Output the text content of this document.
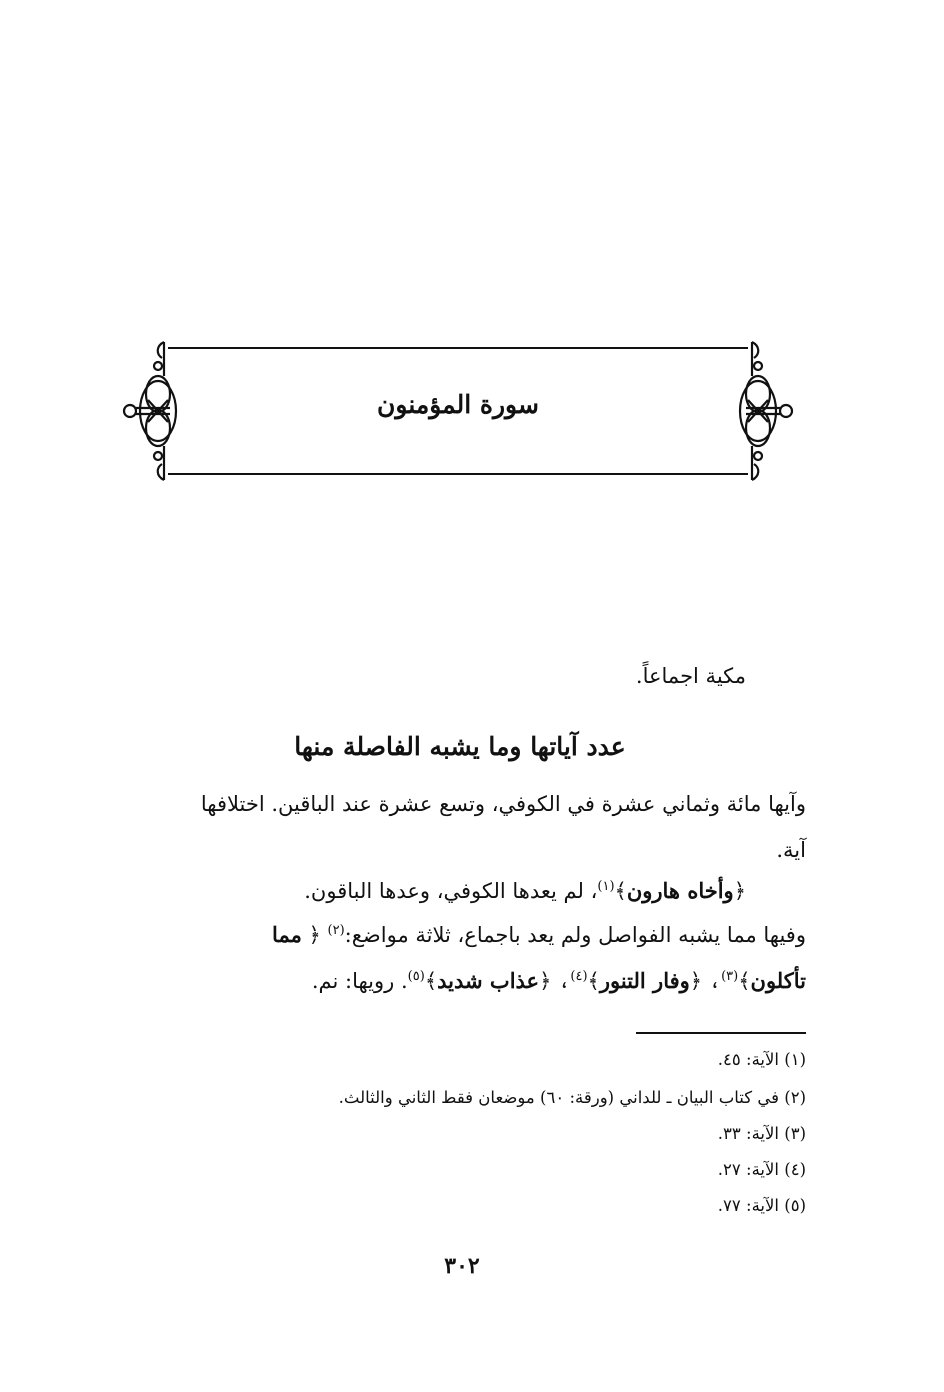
سورة المؤمنون
مكية اجماعاً.
عدد آياتها وما يشبه الفاصلة منها
وآيها مائة وثماني عشرة في الكوفي، وتسع عشرة عند الباقين. اختلافها
آية.
﴿وأخاه هارون﴾$^{(١)}$، لم يعدها الكوفي، وعدها الباقون.
وفيها مما يشبه الفواصل ولم يعد باجماع، ثلاثة مواضع:$^{(٢)}$ ﴿ مما
تأكلون﴾$^{(٣)}$، ﴿وفار التنور﴾$^{(٤)}$، ﴿عذاب شديد﴾$^{(٥)}$. رويها: نم.
(١) الآية: ٤٥.
(٢) في كتاب البيان ـ للداني (ورقة: ٦٠) موضعان فقط الثاني والثالث.
(٣) الآية: ٣٣.
(٤) الآية: ٢٧.
(٥) الآية: ٧٧.
٣٠٢
